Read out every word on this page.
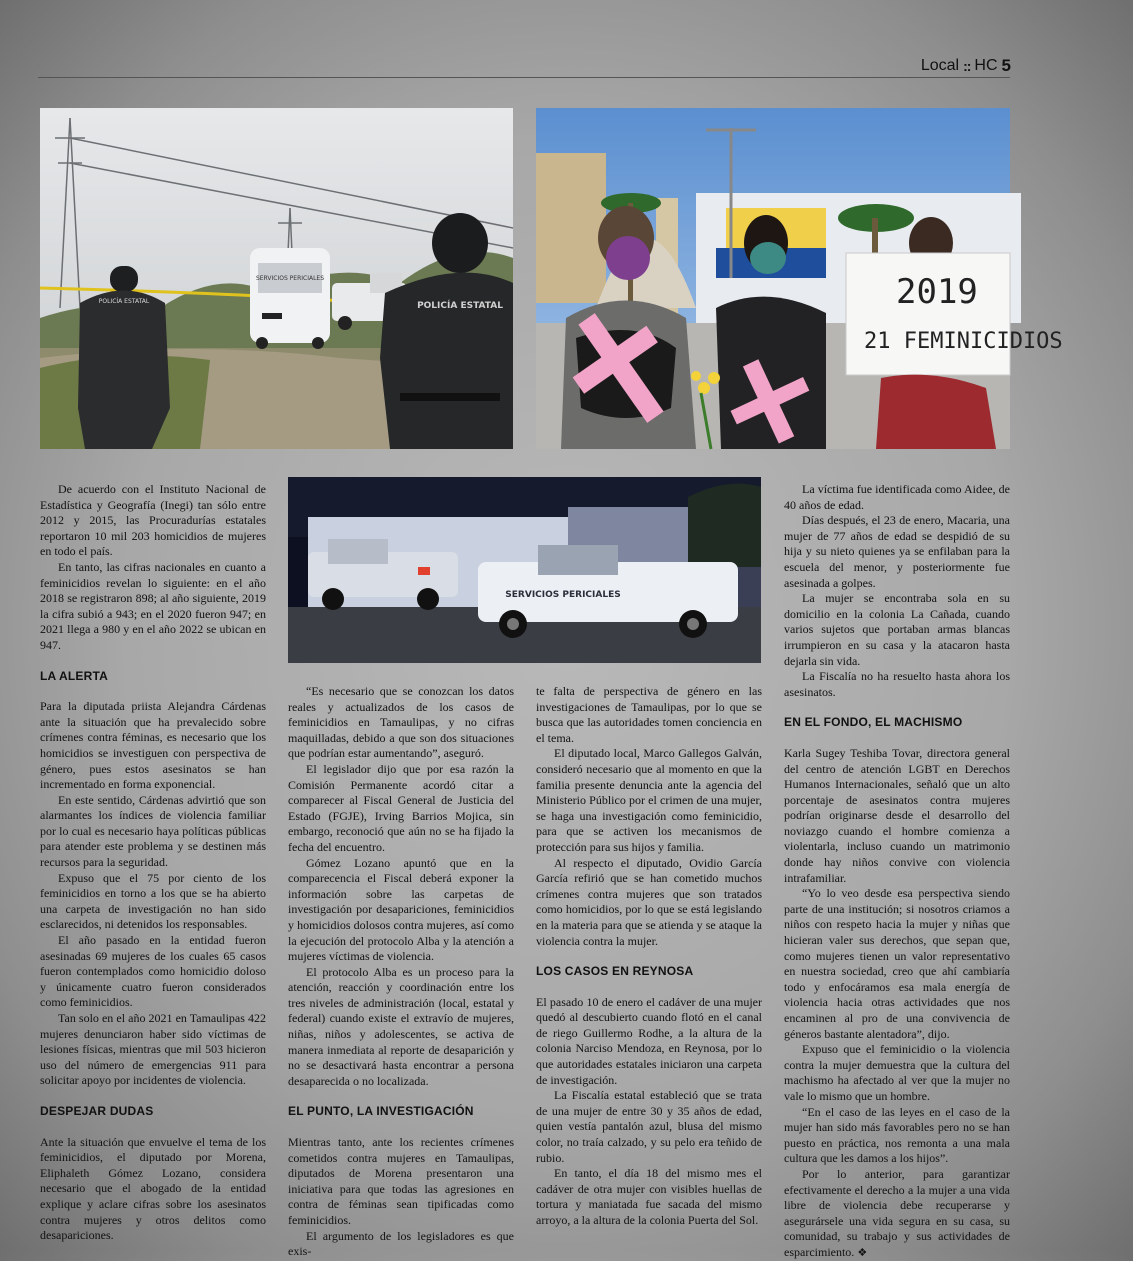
Local :: HC 5
SERVICIOS PERICIALES
POLICÍA ESTATAL	POLICÍA ESTATAL	2019
21 FEMINICIDIOS
SERVICIOS PERICIALES

De acuerdo con el Instituto Nacional de Estadística y Geografía (Inegi) tan sólo entre 2012 y 2015, las Procuradurías estatales reportaron 10 mil 203 homicidios de mujeres en todo el país.

En tanto, las cifras nacionales en cuanto a feminicidios revelan lo siguiente: en el año 2018 se registraron 898; al año siguiente, 2019 la cifra subió a 943; en el 2020 fueron 947; en 2021 llega a 980 y en el año 2022 se ubican en 947.

LA ALERTA

Para la diputada priista Alejandra Cárdenas ante la situación que ha prevalecido sobre crímenes contra féminas, es necesario que los homicidios se investiguen con perspectiva de género, pues estos asesinatos se han incrementado en forma exponencial.

En este sentido, Cárdenas advirtió que son alarmantes los índices de violencia familiar por lo cual es necesario haya políticas públicas para atender este problema y se destinen más recursos para la seguridad.

Expuso que el 75 por ciento de los feminicidios en torno a los que se ha abierto una carpeta de investigación no han sido esclarecidos, ni detenidos los responsables.

El año pasado en la entidad fueron asesinadas 69 mujeres de los cuales 65 casos fueron contemplados como homicidio doloso y únicamente cuatro fueron considerados como feminicidios.

Tan solo en el año 2021 en Tamaulipas 422 mujeres denunciaron haber sido víctimas de lesiones físicas, mientras que mil 503 hicieron uso del número de emergencias 911 para solicitar apoyo por incidentes de violencia.

DESPEJAR DUDAS

Ante la situación que envuelve el tema de los feminicidios, el diputado por Morena, Eliphaleth Gómez Lozano, considera necesario que el abogado de la entidad explique y aclare cifras sobre los asesinatos contra mujeres y otros delitos como desapariciones.

“Es necesario que se conozcan los datos reales y actualizados de los casos de feminicidios en Tamaulipas, y no cifras maquilladas, debido a que son dos situaciones que podrían estar aumentando”, aseguró.

El legislador dijo que por esa razón la Comisión Permanente acordó citar a comparecer al Fiscal General de Justicia del Estado (FGJE), Irving Barrios Mojica, sin embargo, reconoció que aún no se ha fijado la fecha del encuentro.

Gómez Lozano apuntó que en la comparecencia el Fiscal deberá exponer la información sobre las carpetas de investigación por desapariciones, feminicidios y homicidios dolosos contra mujeres, así como la ejecución del protocolo Alba y la atención a mujeres víctimas de violencia.

El protocolo Alba es un proceso para la atención, reacción y coordinación entre los tres niveles de administración (local, estatal y federal) cuando existe el extravío de mujeres, niñas, niños y adolescentes, se activa de manera inmediata al reporte de desaparición y no se desactivará hasta encontrar a persona desaparecida o no localizada.

EL PUNTO, LA INVESTIGACIÓN

Mientras tanto, ante los recientes crímenes cometidos contra mujeres en Tamaulipas, diputados de Morena presentaron una iniciativa para que todas las agresiones en contra de féminas sean tipificadas como feminicidios.

El argumento de los legisladores es que exis-

te falta de perspectiva de género en las investigaciones de Tamaulipas, por lo que se busca que las autoridades tomen conciencia en el tema.

El diputado local, Marco Gallegos Galván, consideró necesario que al momento en que la familia presente denuncia ante la agencia del Ministerio Público por el crimen de una mujer, se haga una investigación como feminicidio, para que se activen los mecanismos de protección para sus hijos y familia.

Al respecto el diputado, Ovidio García García refirió que se han cometido muchos crímenes contra mujeres que son tratados como homicidios, por lo que se está legislando en la materia para que se atienda y se ataque la violencia contra la mujer.

LOS CASOS EN REYNOSA

El pasado 10 de enero el cadáver de una mujer quedó al descubierto cuando flotó en el canal de riego Guillermo Rodhe, a la altura de la colonia Narciso Mendoza, en Reynosa, por lo que autoridades estatales iniciaron una carpeta de investigación.

La Fiscalía estatal estableció que se trata de una mujer de entre 30 y 35 años de edad, quien vestía pantalón azul, blusa del mismo color, no traía calzado, y su pelo era teñido de rubio.

En tanto, el día 18 del mismo mes el cadáver de otra mujer con visibles huellas de tortura y maniatada fue sacada del mismo arroyo, a la altura de la colonia Puerta del Sol.

La víctima fue identificada como Aidee, de 40 años de edad.

Días después, el 23 de enero, Macaria, una mujer de 77 años de edad se despidió de su hija y su nieto quienes ya se enfilaban para la escuela del menor, y posteriormente fue asesinada a golpes.

La mujer se encontraba sola en su domicilio en la colonia La Cañada, cuando varios sujetos que portaban armas blancas irrumpieron en su casa y la atacaron hasta dejarla sin vida.

La Fiscalía no ha resuelto hasta ahora los asesinatos.

EN EL FONDO, EL MACHISMO

Karla Sugey Teshiba Tovar, directora general del centro de atención LGBT en Derechos Humanos Internacionales, señaló que un alto porcentaje de asesinatos contra mujeres podrían originarse desde el desarrollo del noviazgo cuando el hombre comienza a violentarla, incluso cuando un matrimonio donde hay niños convive con violencia intrafamiliar.

“Yo lo veo desde esa perspectiva siendo parte de una institución; si nosotros criamos a niños con respeto hacia la mujer y niñas que hicieran valer sus derechos, que sepan que, como mujeres tienen un valor representativo en nuestra sociedad, creo que ahí cambiaría todo y enfocáramos esa mala energía de violencia hacia otras actividades que nos encaminen al pro de una convivencia de géneros bastante alentadora”, dijo.

Expuso que el feminicidio o la violencia contra la mujer demuestra que la cultura del machismo ha afectado al ver que la mujer no vale lo mismo que un hombre.

“En el caso de las leyes en el caso de la mujer han sido más favorables pero no se han puesto en práctica, nos remonta a una mala cultura que les damos a los hijos”.

Por lo anterior, para garantizar efectivamente el derecho a la mujer a una vida libre de violencia debe recuperarse y asegurársele una vida segura en su casa, su comunidad, su trabajo y sus actividades de esparcimiento. ❖
